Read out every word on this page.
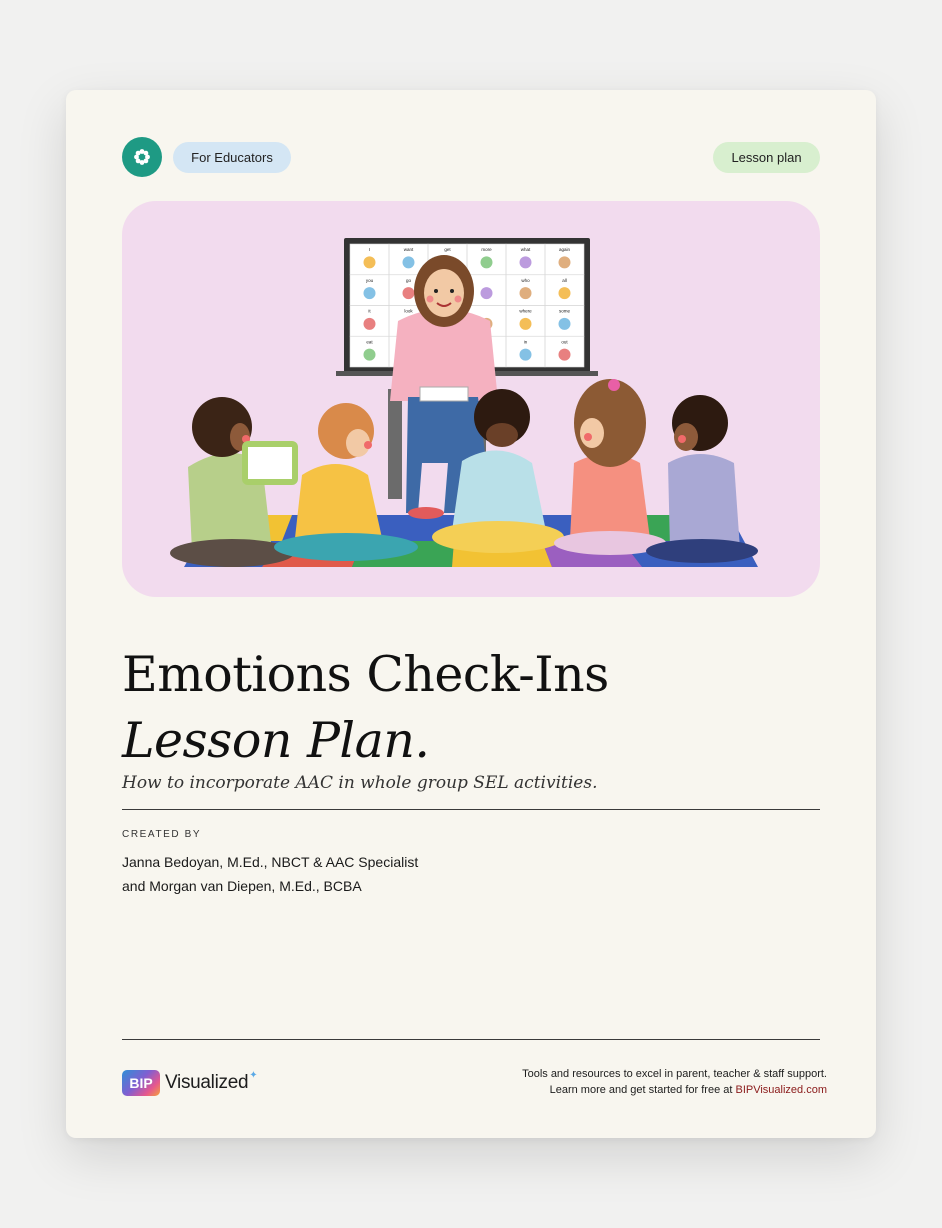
For Educators	Lesson plan
I	want	get	more	what	again
you	go	who	all
it	look	where	some
eat	in	out
Emotions Check-Ins
Lesson Plan.
How to incorporate AAC in whole group SEL activities.
CREATED BY
Janna Bedoyan, M.Ed., NBCT & AAC Specialist
and Morgan van Diepen, M.Ed., BCBA
BIP Visualized ✦	Tools and resources to excel in parent, teacher & staff support.
Learn more and get started for free at BIPVisualized.com
